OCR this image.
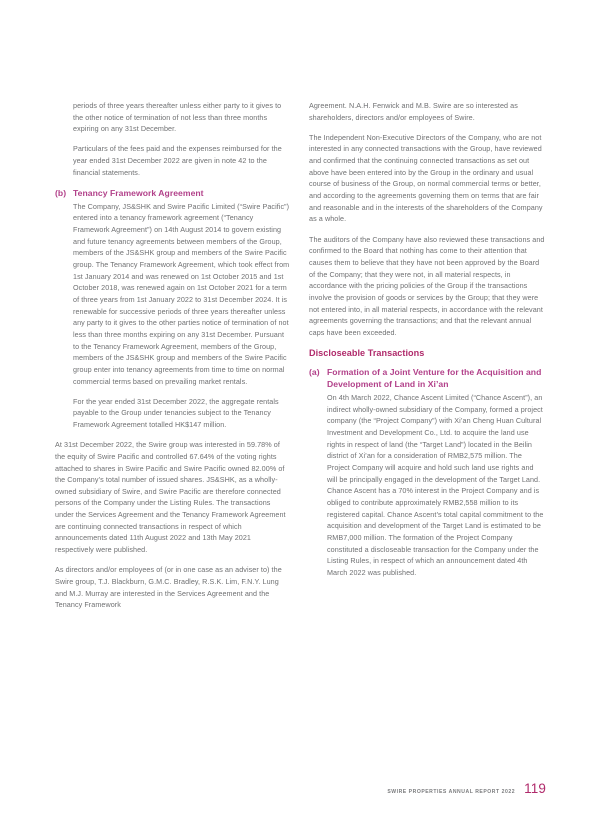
periods of three years thereafter unless either party to it gives to the other notice of termination of not less than three months expiring on any 31st December.

Particulars of the fees paid and the expenses reimbursed for the year ended 31st December 2022 are given in note 42 to the financial statements.

(b) Tenancy Framework Agreement

The Company, JS&SHK and Swire Pacific Limited (“Swire Pacific”) entered into a tenancy framework agreement (“Tenancy Framework Agreement”) on 14th August 2014 to govern existing and future tenancy agreements between members of the Group, members of the JS&SHK group and members of the Swire Pacific group. The Tenancy Framework Agreement, which took effect from 1st January 2014 and was renewed on 1st October 2015 and 1st October 2018, was renewed again on 1st October 2021 for a term of three years from 1st January 2022 to 31st December 2024. It is renewable for successive periods of three years thereafter unless any party to it gives to the other parties notice of termination of not less than three months expiring on any 31st December. Pursuant to the Tenancy Framework Agreement, members of the Group, members of the JS&SHK group and members of the Swire Pacific group enter into tenancy agreements from time to time on normal commercial terms based on prevailing market rentals.

For the year ended 31st December 2022, the aggregate rentals payable to the Group under tenancies subject to the Tenancy Framework Agreement totalled HK$147 million.

At 31st December 2022, the Swire group was interested in 59.78% of the equity of Swire Pacific and controlled 67.64% of the voting rights attached to shares in Swire Pacific and Swire Pacific owned 82.00% of the Company’s total number of issued shares. JS&SHK, as a wholly-owned subsidiary of Swire, and Swire Pacific are therefore connected persons of the Company under the Listing Rules. The transactions under the Services Agreement and the Tenancy Framework Agreement are continuing connected transactions in respect of which announcements dated 11th August 2022 and 13th May 2021 respectively were published.

As directors and/or employees of (or in one case as an adviser to) the Swire group, T.J. Blackburn, G.M.C. Bradley, R.S.K. Lim, F.N.Y. Lung and M.J. Murray are interested in the Services Agreement and the Tenancy Framework

Agreement. N.A.H. Fenwick and M.B. Swire are so interested as shareholders, directors and/or employees of Swire.

The Independent Non-Executive Directors of the Company, who are not interested in any connected transactions with the Group, have reviewed and confirmed that the continuing connected transactions as set out above have been entered into by the Group in the ordinary and usual course of business of the Group, on normal commercial terms or better, and according to the agreements governing them on terms that are fair and reasonable and in the interests of the shareholders of the Company as a whole.

The auditors of the Company have also reviewed these transactions and confirmed to the Board that nothing has come to their attention that causes them to believe that they have not been approved by the Board of the Company; that they were not, in all material respects, in accordance with the pricing policies of the Group if the transactions involve the provision of goods or services by the Group; that they were not entered into, in all material respects, in accordance with the relevant agreements governing the transactions; and that the relevant annual caps have been exceeded.

Discloseable Transactions
(a) Formation of a Joint Venture for the Acquisition and Development of Land in Xi’an

On 4th March 2022, Chance Ascent Limited (“Chance Ascent”), an indirect wholly-owned subsidiary of the Company, formed a project company (the “Project Company”) with Xi’an Cheng Huan Cultural Investment and Development Co., Ltd. to acquire the land use rights in respect of land (the “Target Land”) located in the Beilin district of Xi’an for a consideration of RMB2,575 million. The Project Company will acquire and hold such land use rights and will be principally engaged in the development of the Target Land. Chance Ascent has a 70% interest in the Project Company and is obliged to contribute approximately RMB2,558 million to its registered capital. Chance Ascent’s total capital commitment to the acquisition and development of the Target Land is estimated to be RMB7,000 million. The formation of the Project Company constituted a discloseable transaction for the Company under the Listing Rules, in respect of which an announcement dated 4th March 2022 was published.

SWIRE PROPERTIES ANNUAL REPORT 2022 119
